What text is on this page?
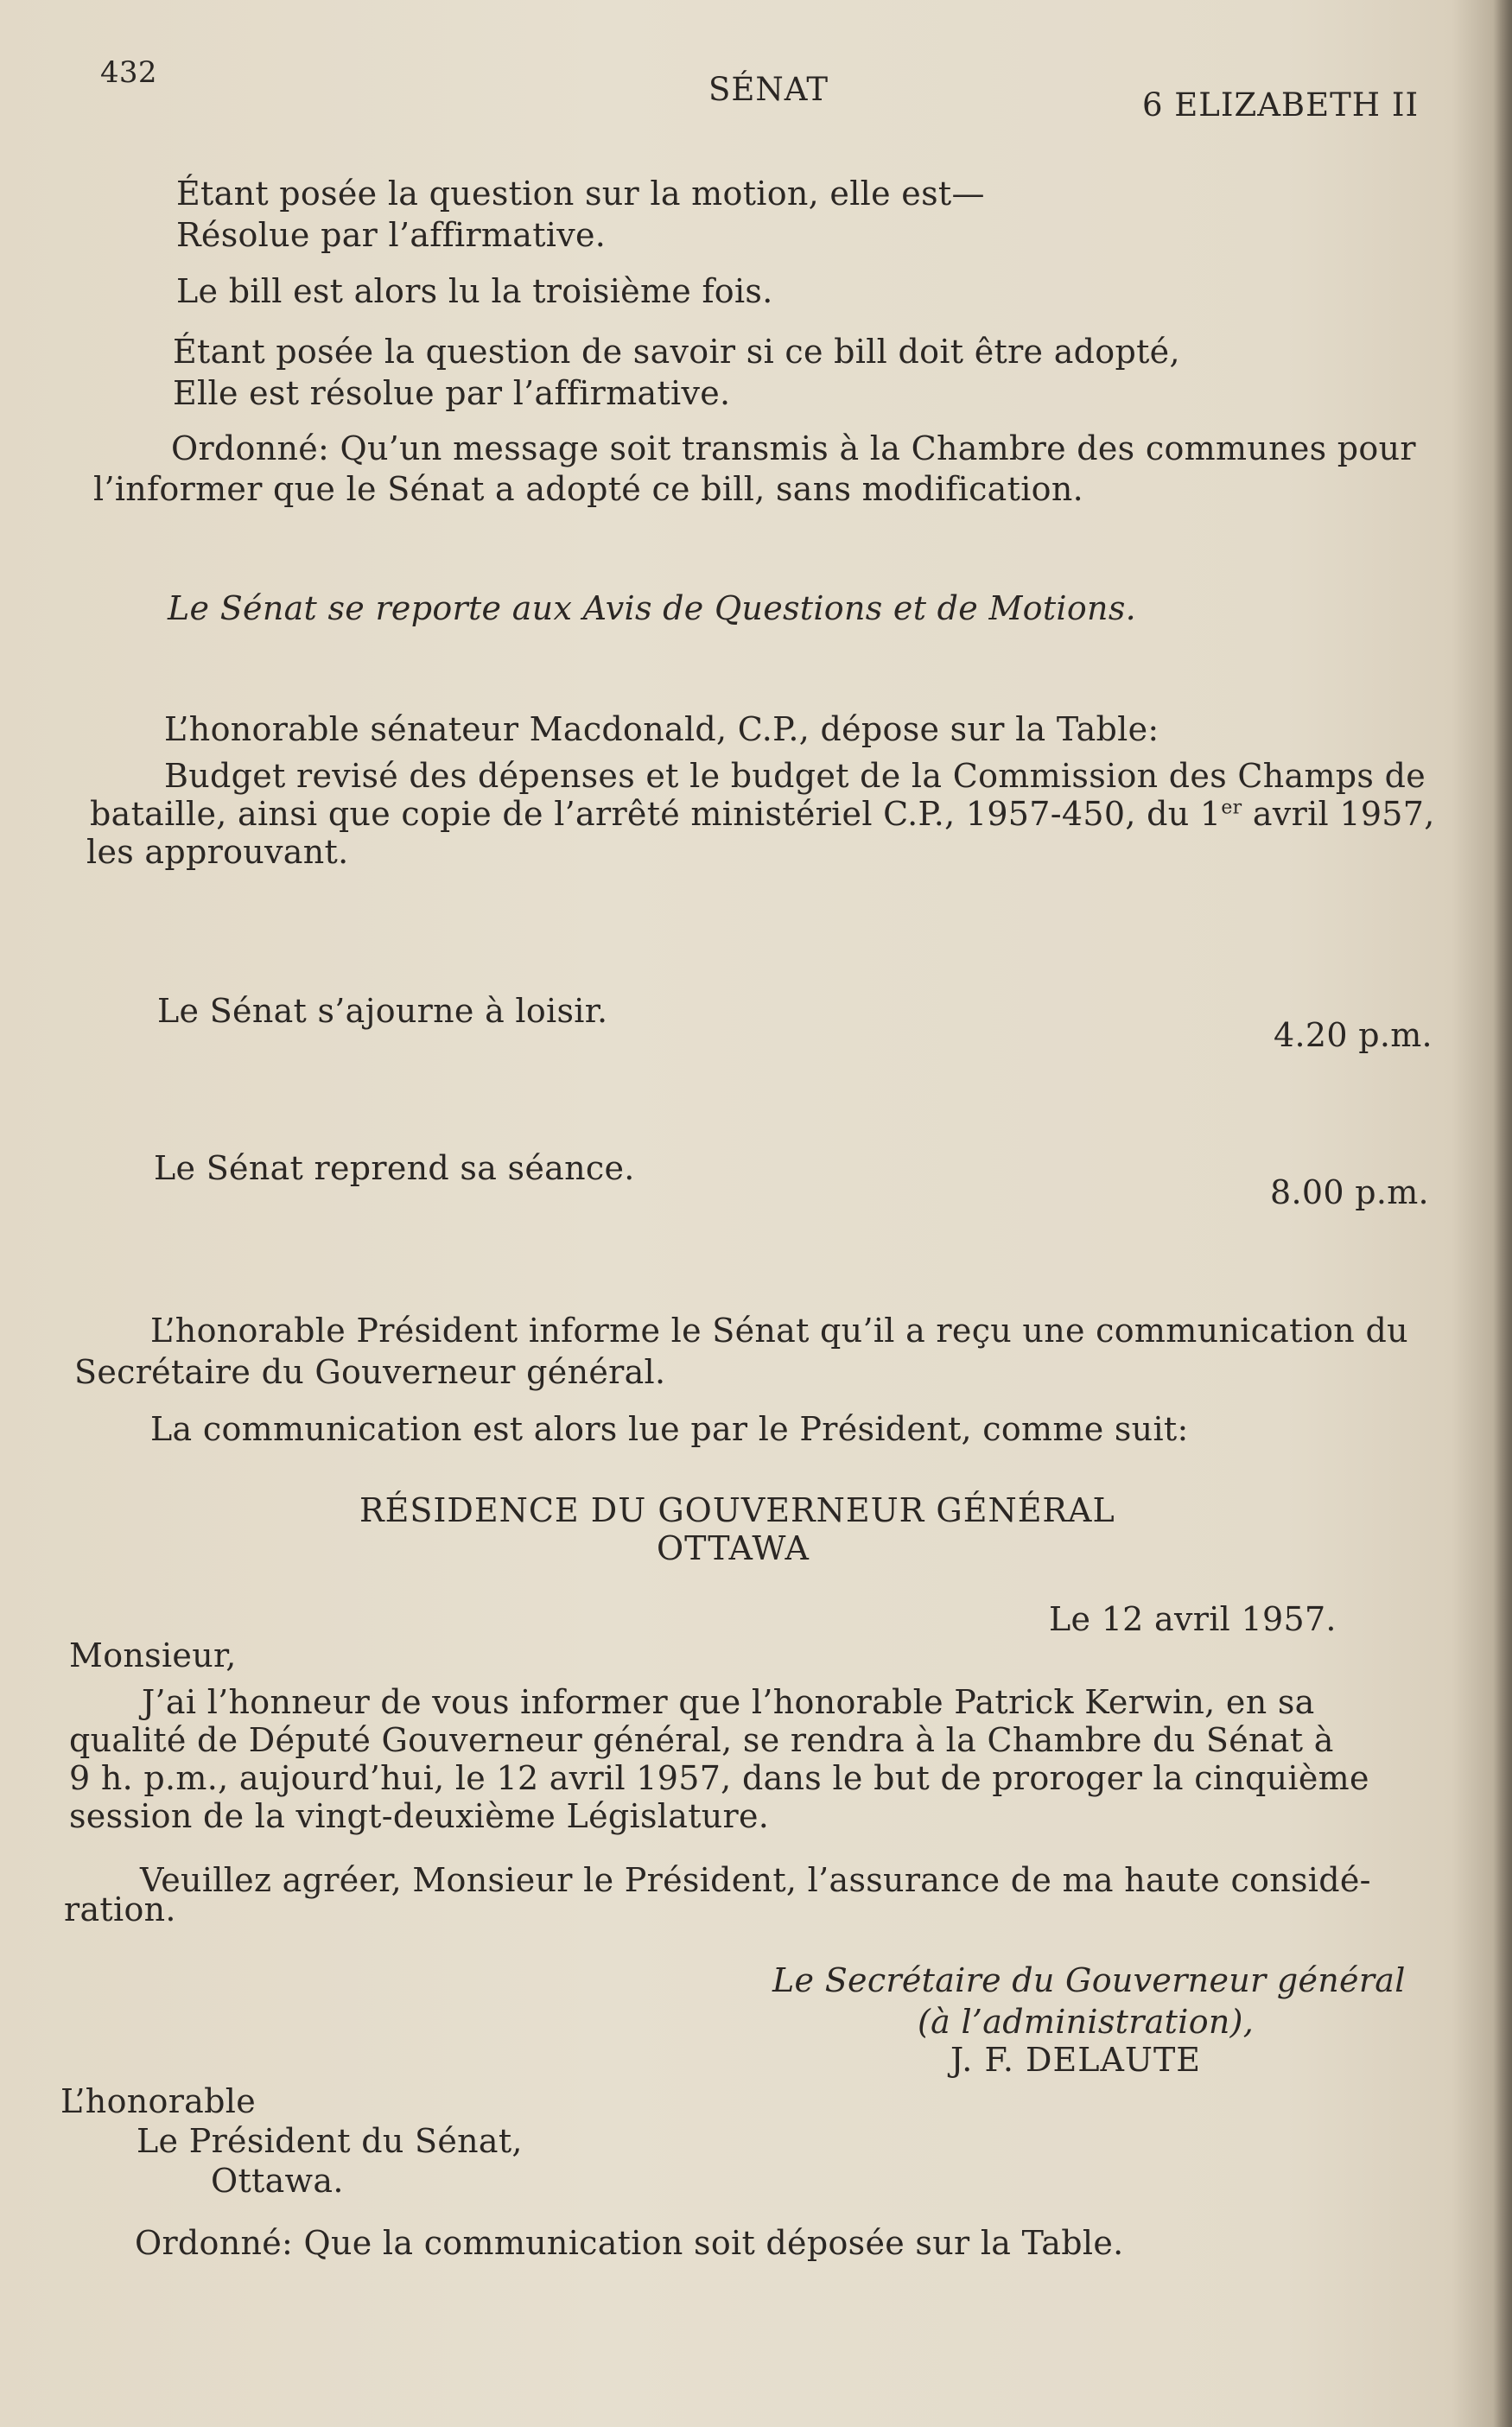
432	SÉNAT	6 ELIZABETH II

Étant posée la question sur la motion, elle est—

Résolue par l’affirmative.

Le bill est alors lu la troisième fois.

Étant posée la question de savoir si ce bill doit être adopté,

Elle est résolue par l’affirmative.

Ordonné: Qu’un message soit transmis à la Chambre des communes pour

l’informer que le Sénat a adopté ce bill, sans modification.

Le Sénat se reporte aux Avis de Questions et de Motions.

L’honorable sénateur Macdonald, C.P., dépose sur la Table:

Budget revisé des dépenses et le budget de la Commission des Champs de

bataille, ainsi que copie de l’arrêté ministériel C.P., 1957-450, du 1er avril 1957,

les approuvant.

Le Sénat s’ajourne à loisir.

4.20 p.m.

Le Sénat reprend sa séance.

8.00 p.m.

L’honorable Président informe le Sénat qu’il a reçu une communication du

Secrétaire du Gouverneur général.

La communication est alors lue par le Président, comme suit:

RÉSIDENCE DU GOUVERNEUR GÉNÉRAL

OTTAWA

Le 12 avril 1957.

Monsieur,

J’ai l’honneur de vous informer que l’honorable Patrick Kerwin, en sa

qualité de Député Gouverneur général, se rendra à la Chambre du Sénat à

9 h. p.m., aujourd’hui, le 12 avril 1957, dans le but de proroger la cinquième

session de la vingt-deuxième Législature.

Veuillez agréer, Monsieur le Président, l’assurance de ma haute considé-

ration.

Le Secrétaire du Gouverneur général

(à l’administration),

J. F. DELAUTE

L’honorable

Le Président du Sénat,

Ottawa.

Ordonné: Que la communication soit déposée sur la Table.
